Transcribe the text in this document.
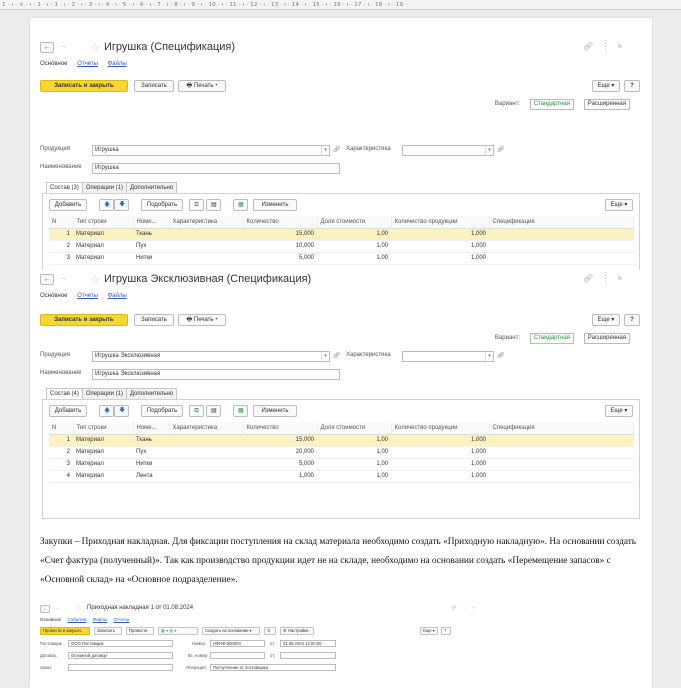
1 · ı · ⨯ · ı · 1 · ı · 1 · ı · 2 · ı · 3 · ı · 4 · ı · 5 · ı · 6 · ı · 7 · ı · 8 · ı · 9 · ı · 10 · ı · 11 · ı · 12 · ı · 13 · ı · 14 · ı · 15 · ı · 16 · ı · 17 · ı · 18 · ı · 19 ·
←	→	☆ Игрушка (Спецификация)	🔗︎⋮×
Основное Отчеты Файлы
Записать и закрыть	Записать	🖶︎ Печать ▾	Еще ▾	?
Вариант:	Стандартная	Расширенная
Продукция	Игрушка	▾	🔗︎ Характеристика	▾	🔗︎
Наименование	Игрушка
Состав (3) Операции (1) Дополнительно
Добавить	🡅	🡇	Подобрать	⧉	▤	▦	Изменить	Еще ▾
N	Тип строки	Номе...	Характеристика	Количество	Доля стоимости	Количество продукции	Спецификация
1	Материал	Ткань		15,000	1,00	1,000	
2	Материал	Пух		10,000	1,00	1,000	
3	Материал	Нитки		5,000	1,00	1,000	
←	→	☆ Игрушка Эксклюзивная (Спецификация)	🔗︎⋮×
Основное Отчеты Файлы
Записать и закрыть	Записать	🖶︎ Печать ▾	Еще ▾	?
Вариант:	Стандартная	Расширенная
Продукция	Игрушка Эксклюзивная	▾	🔗︎ Характеристика	▾	🔗︎
Наименование	Игрушка Эксклюзивная
Состав (4) Операции (1) Дополнительно
Добавить	🡅	🡇	Подобрать	⧉	▤	▦	Изменить	Еще ▾
N	Тип строки	Номе...	Характеристика	Количество	Доля стоимости	Количество продукции	Спецификация
1	Материал	Ткань		15,000	1,00	1,000	
2	Материал	Пух		20,000	1,00	1,000	
3	Материал	Нитки		5,000	1,00	1,000	
4	Материал	Лента		1,000	1,00	1,000	
Закупки – Приходная накладная. Для фиксации поступления на склад материала необходимо создать «Приходную накладную». На основании создать «Счет фактура (полученный)». Так как производство продукции идет не на складе, необходимо на основании создать «Перемещение запасов» с «Основной склад» на «Основное подразделение».
←	→	☆ Приходная накладная 1 от 01.08.2024	🔗︎⋮×
Основное События Файлы Отчеты
Провести и закрыть	Записать	Провести	▦ ▾ ▤ ▾	Создать на основании ▾	⇅	⚙ Настройки	Еще ▾	?
Поставщик:	ООО Поставщик	Номер:	НФНФ-000003	от:	01.08.2024 12:00:00
Договор:	Основной договор	Вх. номер:	от:
Заказ:	Операция:	Поступление от поставщика
